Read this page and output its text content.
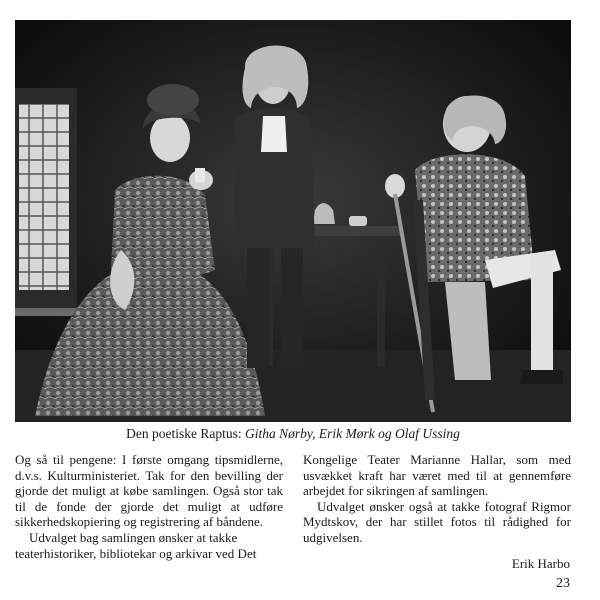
Den poetiske Raptus: Githa Nørby, Erik Mørk og Olaf Ussing

Og så til pengene: I første omgang tipsmidlerne, d.v.s. Kulturministeriet. Tak for den bevilling der gjorde det muligt at købe samlingen. Også stor tak til de fonde der gjorde det muligt at udføre sikkerhedskopiering og registrering af båndene.

Udvalget bag samlingen ønsker at takke teaterhistoriker, bibliotekar og arkivar ved Det

Kongelige Teater Marianne Hallar, som med usvækket kraft har været med til at gennemføre arbejdet for sikringen af samlingen.

Udvalget ønsker også at takke fotograf Rigmor Mydtskov, der har stillet fotos til rådighed for udgivelsen.

Erik Harbo
23
